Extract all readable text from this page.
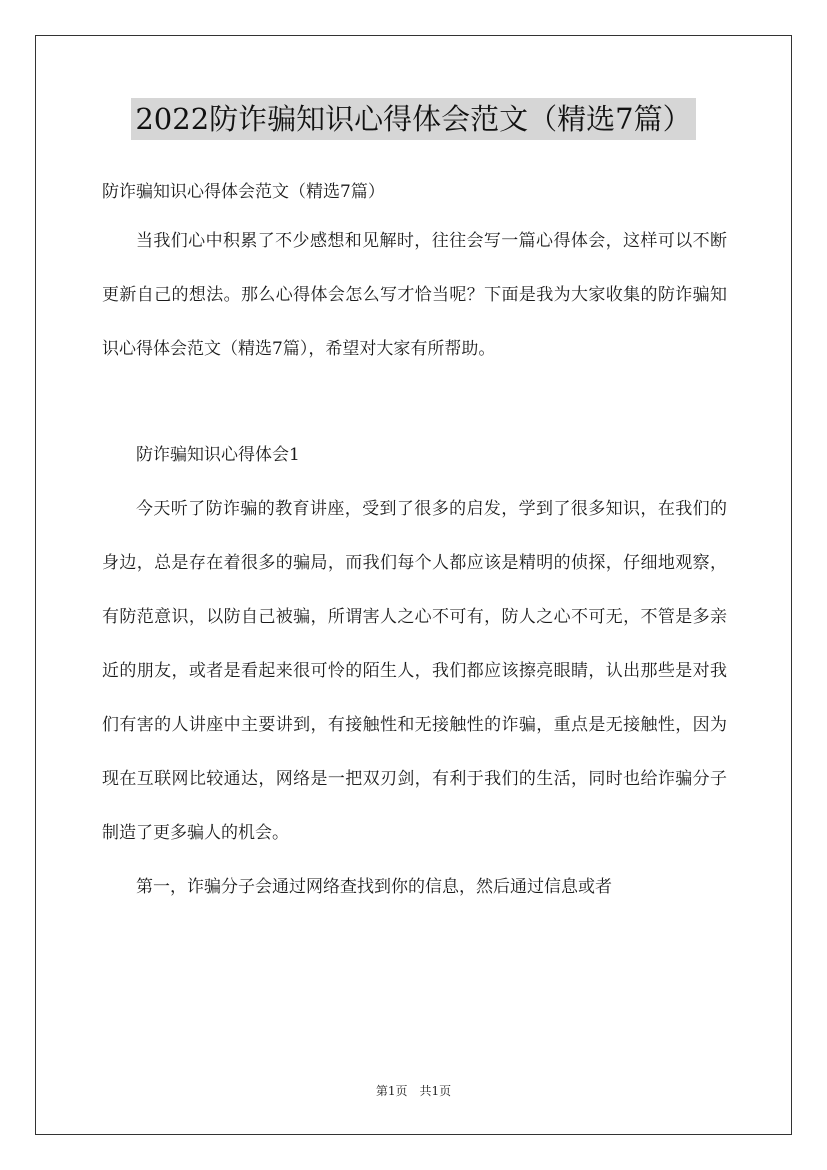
2022防诈骗知识心得体会范文（精选7篇）

防诈骗知识心得体会范文（精选7篇）

当我们心中积累了不少感想和见解时，往往会写一篇心得体会，这样可以不断更新自己的想法。那么心得体会怎么写才恰当呢？下面是我为大家收集的防诈骗知识心得体会范文（精选7篇），希望对大家有所帮助。

防诈骗知识心得体会1

今天听了防诈骗的教育讲座，受到了很多的启发，学到了很多知识，在我们的身边，总是存在着很多的骗局，而我们每个人都应该是精明的侦探，仔细地观察，有防范意识，以防自己被骗，所谓害人之心不可有，防人之心不可无，不管是多亲近的朋友，或者是看起来很可怜的陌生人，我们都应该擦亮眼睛，认出那些是对我们有害的人讲座中主要讲到，有接触性和无接触性的诈骗，重点是无接触性，因为现在互联网比较通达，网络是一把双刃剑，有利于我们的生活，同时也给诈骗分子制造了更多骗人的机会。

第一，诈骗分子会通过网络查找到你的信息，然后通过信息或者

第1页 共1页
